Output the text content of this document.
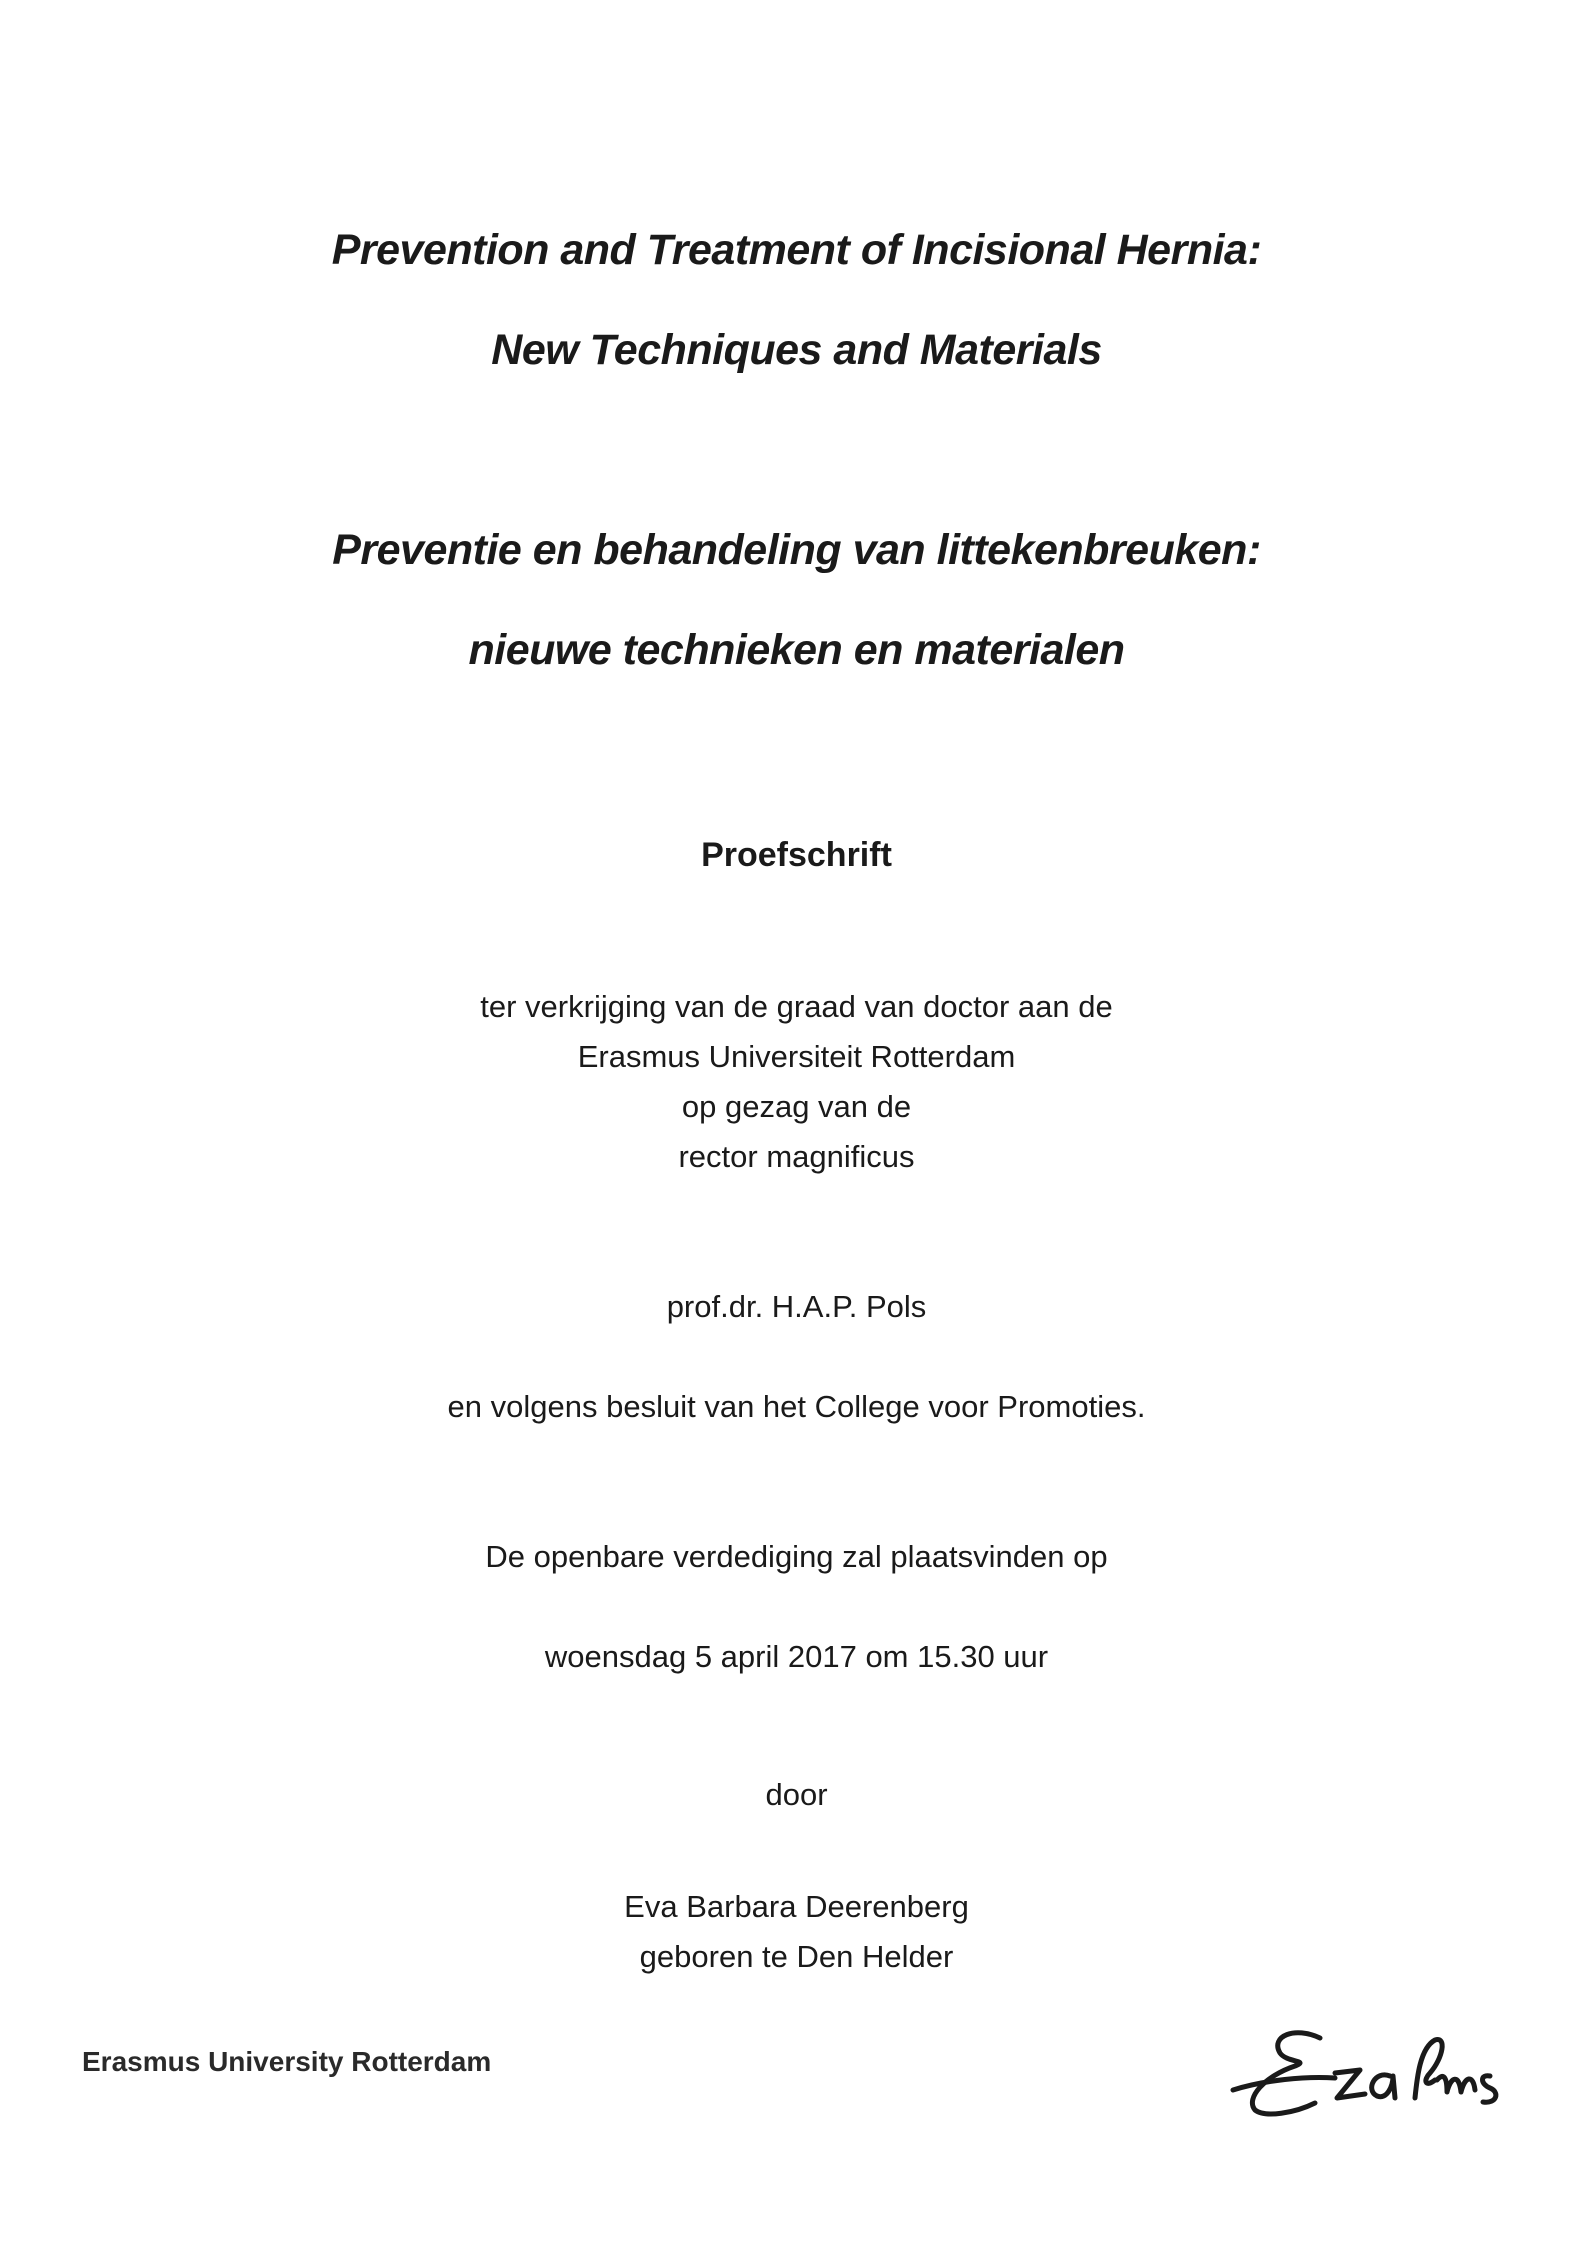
Prevention and Treatment of Incisional Hernia:
New Techniques and Materials
Preventie en behandeling van littekenbreuken:
nieuwe technieken en materialen
Proefschrift
ter verkrijging van de graad van doctor aan de
Erasmus Universiteit Rotterdam
op gezag van de
rector magnificus
prof.dr. H.A.P. Pols
en volgens besluit van het College voor Promoties.
De openbare verdediging zal plaatsvinden op
woensdag 5 april 2017 om 15.30 uur
door
Eva Barbara Deerenberg
geboren te Den Helder
Erasmus University Rotterdam
